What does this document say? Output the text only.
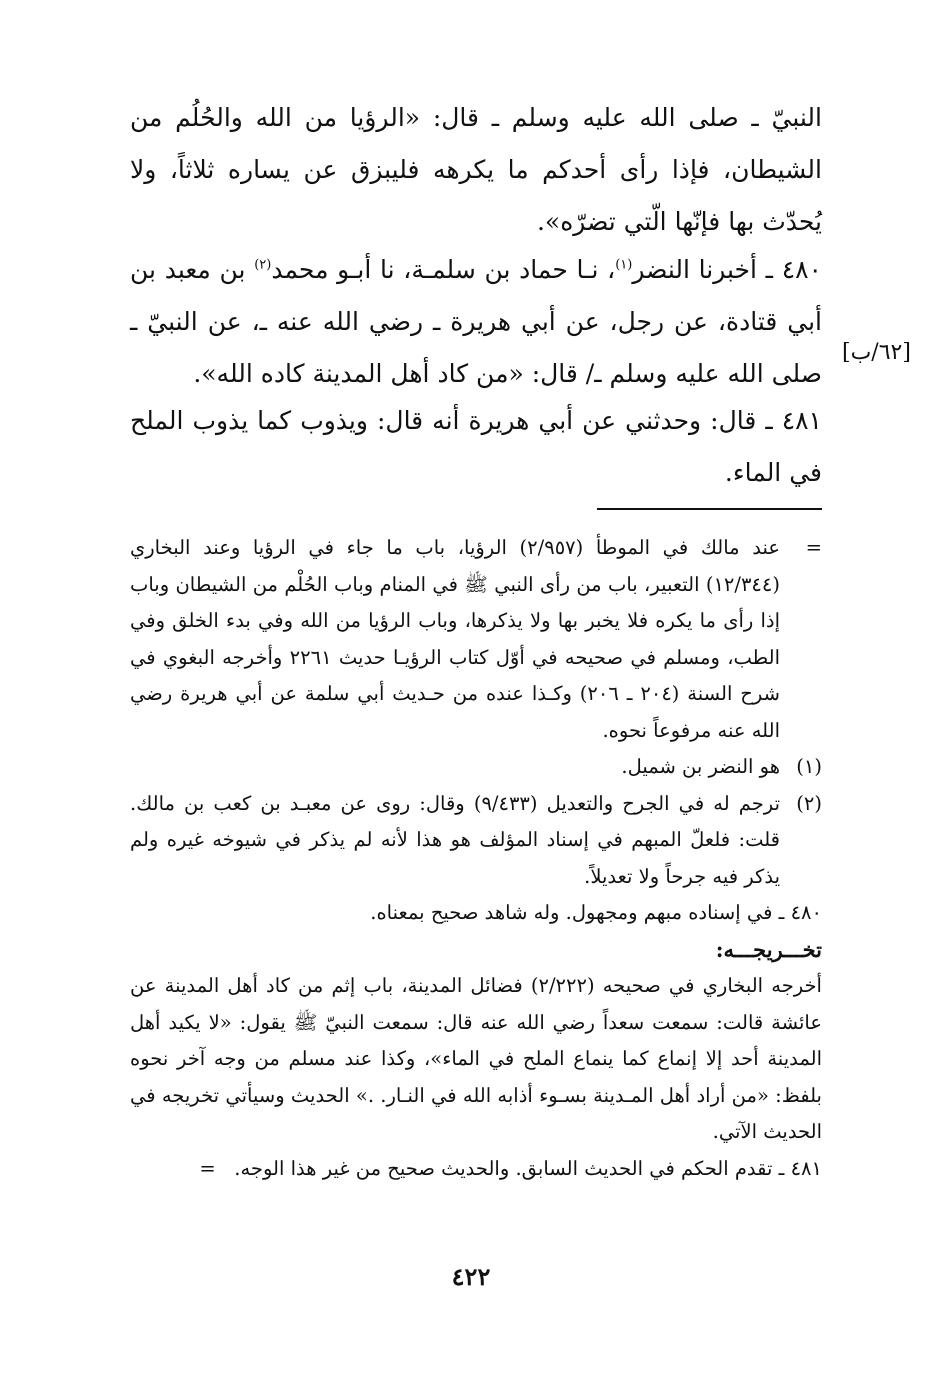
النبيّ ـ صلى الله عليه وسلم ـ قال: «الرؤيا من الله والحُلُم من الشيطان، فإذا رأى أحدكم ما يكرهه فليبزق عن يساره ثلاثاً، ولا يُحدّث بها فإنّها الّتي تضرّه».

٤٨٠ ـ أخبرنا النضر$^{(١)}$، نـا حماد بن سلمـة، نا أبـو محمد$^{(٢)}$ بن معبد بن أبي قتادة، عن رجل، عن أبي هريرة ـ رضي الله عنه ـ، عن النبيّ ـ صلى الله عليه وسلم ـ/ قال: «من كاد أهل المدينة كاده الله».

[٦٢/ب]

٤٨١ ـ قال: وحدثني عن أبي هريرة أنه قال: ويذوب كما يذوب الملح في الماء.

=
عند مالك في الموطأ (٢/٩٥٧) الرؤيا، باب ما جاء في الرؤيا وعند البخاري (١٢/٣٤٤) التعبير، باب من رأى النبي ﷺ في المنام وباب الحُلْم من الشيطان وباب إذا رأى ما يكره فلا يخبر بها ولا يذكرها، وباب الرؤيا من الله وفي بدء الخلق وفي الطب، ومسلم في صحيحه في أوّل كتاب الرؤيـا حديث ٢٢٦١ وأخرجه البغوي في شرح السنة (٢٠٤ ـ ٢٠٦) وكـذا عنده من حـديث أبي سلمة عن أبي هريرة رضي الله عنه مرفوعاً نحوه.
(١)
هو النضر بن شميل.
(٢)
ترجم له في الجرح والتعديل (٩/٤٣٣) وقال: روى عن معبـد بن كعب بن مالك. قلت: فلعلّ المبهم في إسناد المؤلف هو هذا لأنه لم يذكر في شيوخه غيره ولم يذكر فيه جرحاً ولا تعديلاً.
٤٨٠ ـ في إسناده مبهم ومجهول. وله شاهد صحيح بمعناه.
تخـــريجـــه:
أخرجه البخاري في صحيحه (٢/٢٢٢) فضائل المدينة، باب إثم من كاد أهل المدينة عن عائشة قالت: سمعت سعداً رضي الله عنه قال: سمعت النبيّ ﷺ يقول: «لا يكيد أهل المدينة أحد إلا إنماع كما ينماع الملح في الماء»، وكذا عند مسلم من وجه آخر نحوه بلفظ: «من أراد أهل المـدينة بسـوء أذابه الله في النـار. .» الحديث وسيأتي تخريجه في الحديث الآتي.
٤٨١ ـ تقدم الحكم في الحديث السابق. والحديث صحيح من غير هذا الوجه.   =
٤٢٢
